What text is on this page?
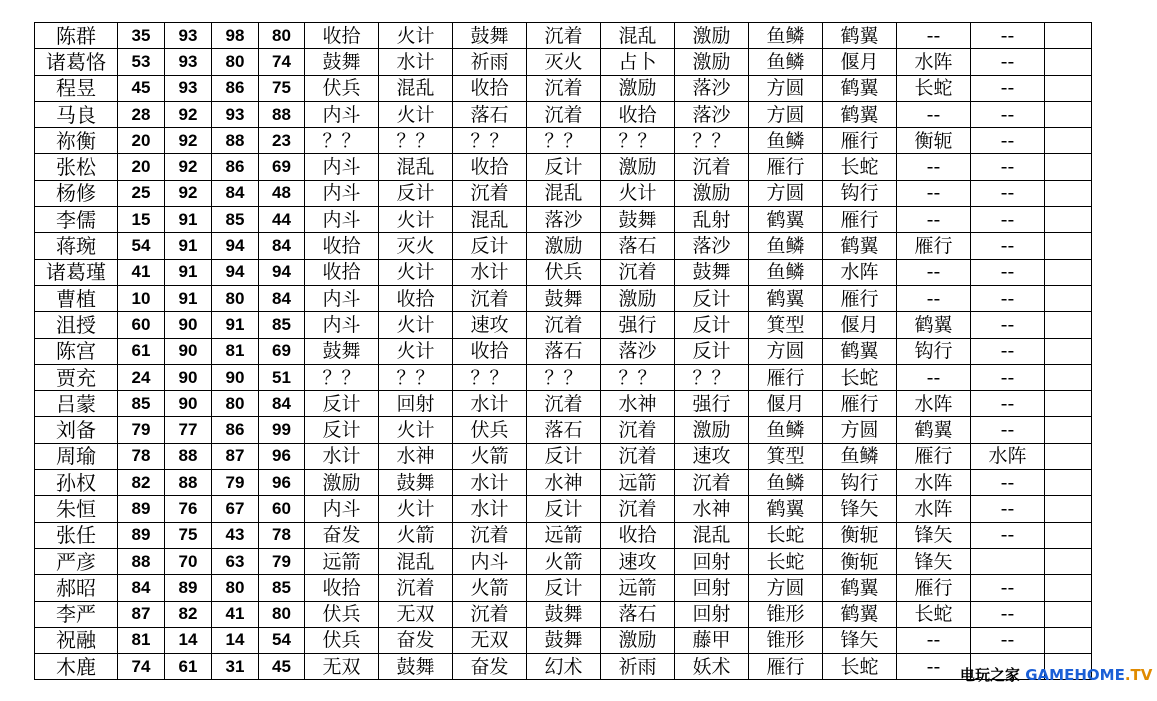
陈群	35	93	98	80	收拾	火计	鼓舞	沉着	混乱	激励	鱼鳞	鹤翼	--	--	
诸葛恪	53	93	80	74	鼓舞	水计	祈雨	灭火	占卜	激励	鱼鳞	偃月	水阵	--	
程昱	45	93	86	75	伏兵	混乱	收拾	沉着	激励	落沙	方圆	鹤翼	长蛇	--	
马良	28	92	93	88	内斗	火计	落石	沉着	收拾	落沙	方圆	鹤翼	--	--	
祢衡	20	92	88	23	？？	？？	？？	？？	？？	？？	鱼鳞	雁行	衡轭	--	
张松	20	92	86	69	内斗	混乱	收拾	反计	激励	沉着	雁行	长蛇	--	--	
杨修	25	92	84	48	内斗	反计	沉着	混乱	火计	激励	方圆	钩行	--	--	
李儒	15	91	85	44	内斗	火计	混乱	落沙	鼓舞	乱射	鹤翼	雁行	--	--	
蒋琬	54	91	94	84	收拾	灭火	反计	激励	落石	落沙	鱼鳞	鹤翼	雁行	--	
诸葛瑾	41	91	94	94	收拾	火计	水计	伏兵	沉着	鼓舞	鱼鳞	水阵	--	--	
曹植	10	91	80	84	内斗	收拾	沉着	鼓舞	激励	反计	鹤翼	雁行	--	--	
沮授	60	90	91	85	内斗	火计	速攻	沉着	强行	反计	箕型	偃月	鹤翼	--	
陈宫	61	90	81	69	鼓舞	火计	收拾	落石	落沙	反计	方圆	鹤翼	钩行	--	
贾充	24	90	90	51	？？	？？	？？	？？	？？	？？	雁行	长蛇	--	--	
吕蒙	85	90	80	84	反计	回射	水计	沉着	水神	强行	偃月	雁行	水阵	--	
刘备	79	77	86	99	反计	火计	伏兵	落石	沉着	激励	鱼鳞	方圆	鹤翼	--	
周瑜	78	88	87	96	水计	水神	火箭	反计	沉着	速攻	箕型	鱼鳞	雁行	水阵	
孙权	82	88	79	96	激励	鼓舞	水计	水神	远箭	沉着	鱼鳞	钩行	水阵	--	
朱恒	89	76	67	60	内斗	火计	水计	反计	沉着	水神	鹤翼	锋矢	水阵	--	
张任	89	75	43	78	奋发	火箭	沉着	远箭	收拾	混乱	长蛇	衡轭	锋矢	--	
严彦	88	70	63	79	远箭	混乱	内斗	火箭	速攻	回射	长蛇	衡轭	锋矢		
郝昭	84	89	80	85	收拾	沉着	火箭	反计	远箭	回射	方圆	鹤翼	雁行	--	
李严	87	82	41	80	伏兵	无双	沉着	鼓舞	落石	回射	锥形	鹤翼	长蛇	--	
祝融	81	14	14	54	伏兵	奋发	无双	鼓舞	激励	藤甲	锥形	锋矢	--	--	
木鹿	74	61	31	45	无双	鼓舞	奋发	幻术	祈雨	妖术	雁行	长蛇	--		电玩之家 GAMEHOME.TV
